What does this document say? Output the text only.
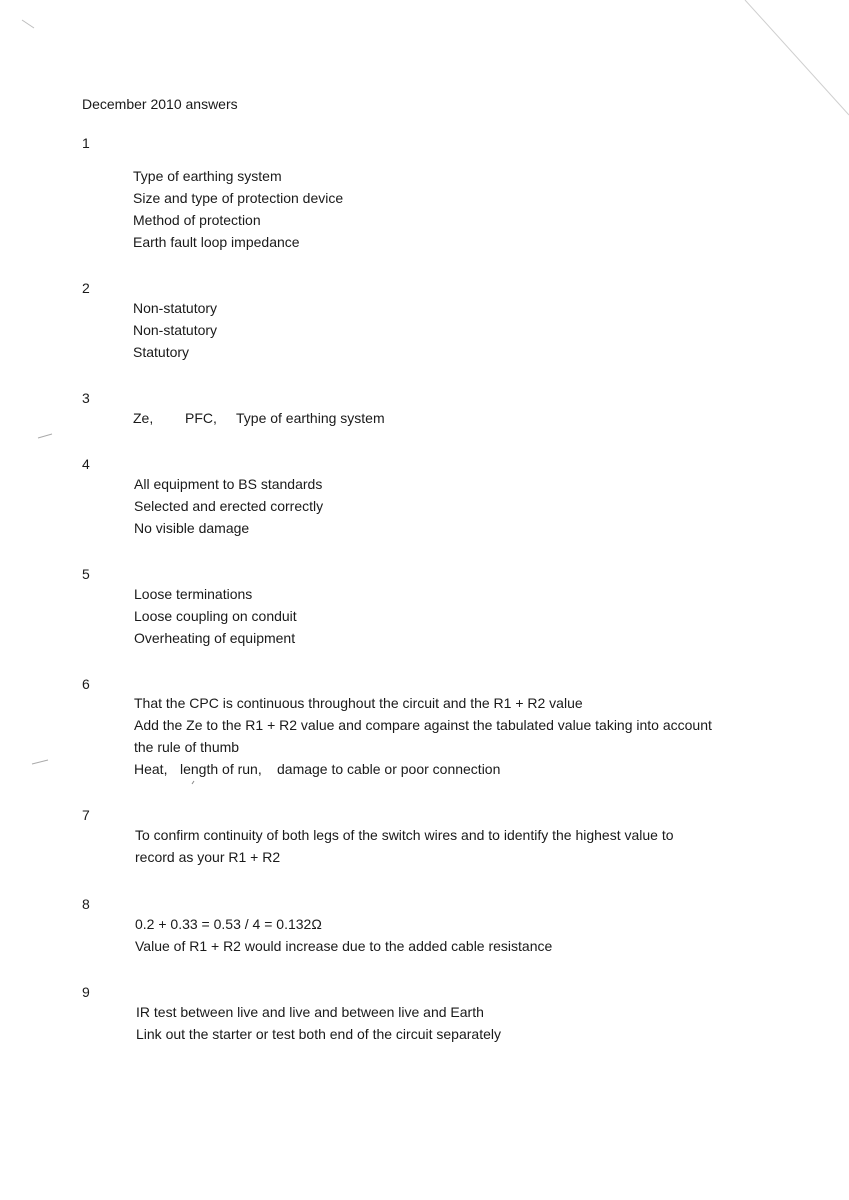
December 2010 answers
1
Type of earthing system
Size and type of protection device
Method of protection
Earth fault loop impedance
2
Non-statutory
Non-statutory
Statutory
3
Ze, PFC, Type of earthing system
4
All equipment to BS standards
Selected and erected correctly
No visible damage
5
Loose terminations
Loose coupling on conduit
Overheating of equipment
6
That the CPC is continuous throughout the circuit and the R1 + R2 value
Add the Ze to the R1 + R2 value and compare against the tabulated value taking into account
the rule of thumb
Heat, length of run, damage to cable or poor connection
7
To confirm continuity of both legs of the switch wires and to identify the highest value to
record as your R1 + R2
8
0.2 + 0.33 = 0.53 / 4 = 0.132Ω
Value of R1 + R2 would increase due to the added cable resistance
9
IR test between live and live and between live and Earth
Link out the starter or test both end of the circuit separately
